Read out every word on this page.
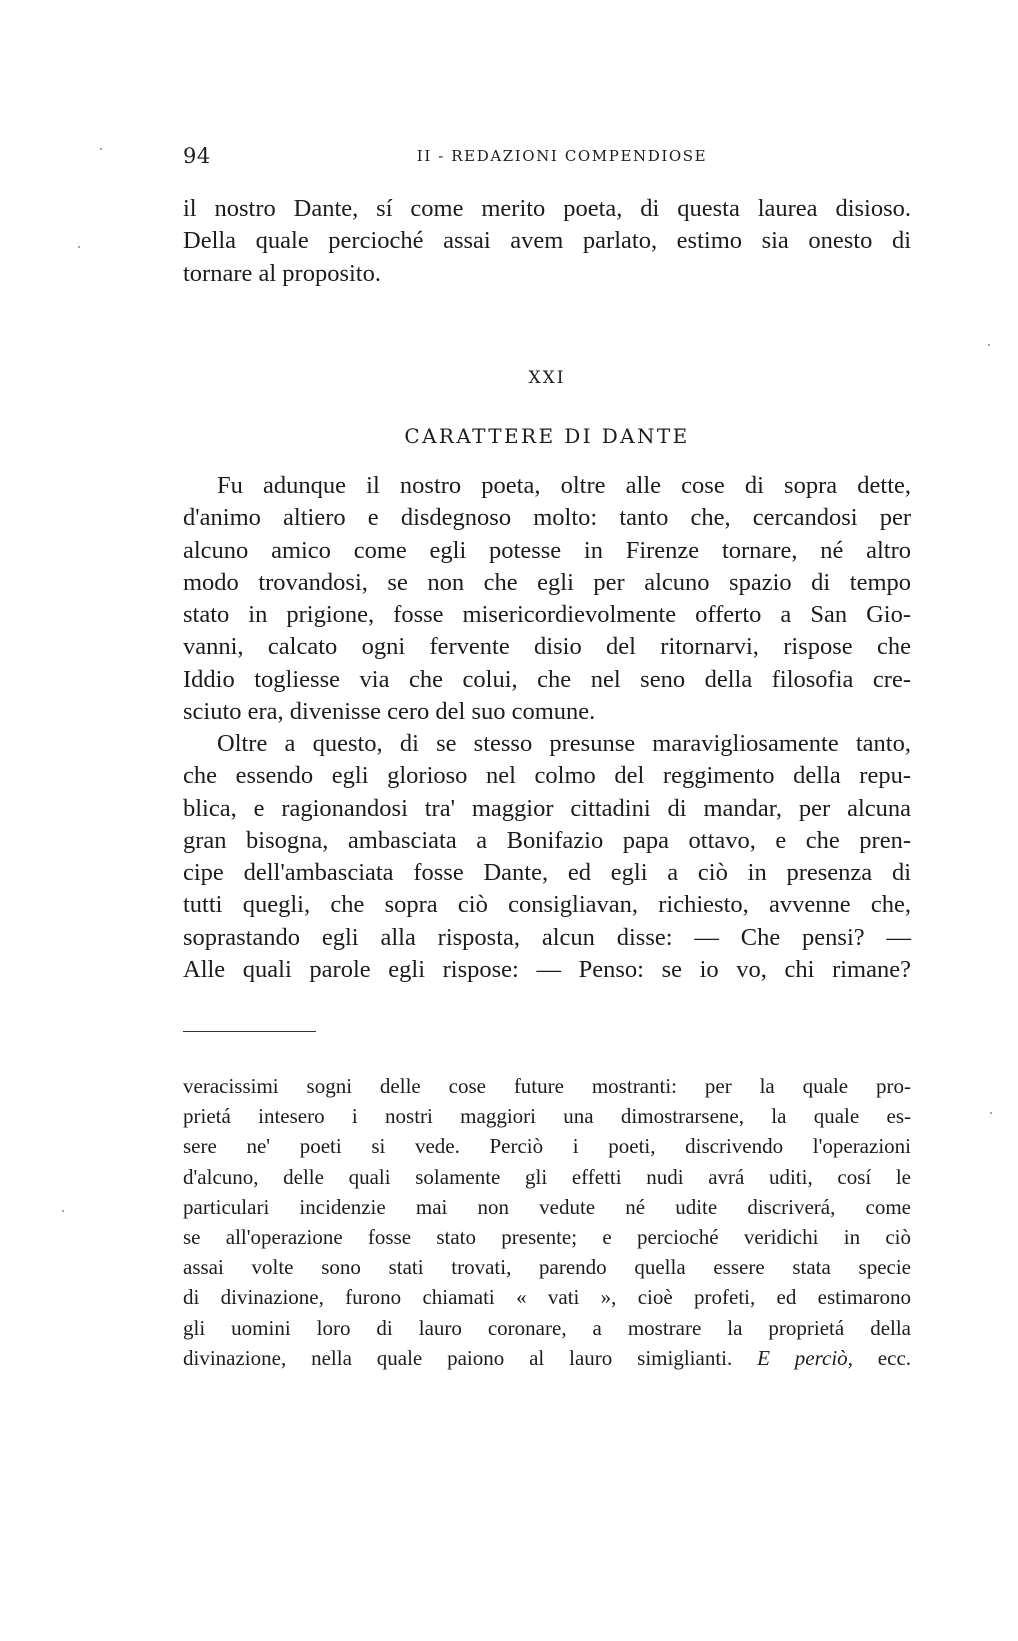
94	II - REDAZIONI COMPENDIOSE
il nostro Dante, sí come merito poeta, di questa laurea disioso.
Della quale percioché assai avem parlato, estimo sia onesto di
tornare al proposito.
XXI
CARATTERE DI DANTE
Fu adunque il nostro poeta, oltre alle cose di sopra dette,
d'animo altiero e disdegnoso molto: tanto che, cercandosi per
alcuno amico come egli potesse in Firenze tornare, né altro
modo trovandosi, se non che egli per alcuno spazio di tempo
stato in prigione, fosse misericordievolmente offerto a San Gio-
vanni, calcato ogni fervente disio del ritornarvi, rispose che
Iddio togliesse via che colui, che nel seno della filosofia cre-
sciuto era, divenisse cero del suo comune.
Oltre a questo, di se stesso presunse maravigliosamente tanto,
che essendo egli glorioso nel colmo del reggimento della repu-
blica, e ragionandosi tra' maggior cittadini di mandar, per alcuna
gran bisogna, ambasciata a Bonifazio papa ottavo, e che pren-
cipe dell'ambasciata fosse Dante, ed egli a ciò in presenza di
tutti quegli, che sopra ciò consigliavan, richiesto, avvenne che,
soprastando egli alla risposta, alcun disse: — Che pensi? —
Alle quali parole egli rispose: — Penso: se io vo, chi rimane?
veracissimi sogni delle cose future mostranti: per la quale pro-
prietá intesero i nostri maggiori una dimostrarsene, la quale es-
sere ne' poeti si vede. Perciò i poeti, discrivendo l'operazioni
d'alcuno, delle quali solamente gli effetti nudi avrá uditi, cosí le
particulari incidenzie mai non vedute né udite discriverá, come
se all'operazione fosse stato presente; e percioché veridichi in ciò
assai volte sono stati trovati, parendo quella essere stata specie
di divinazione, furono chiamati « vati », cioè profeti, ed estimarono
gli uomini loro di lauro coronare, a mostrare la proprietá della
divinazione, nella quale paiono al lauro simiglianti. E perciò, ecc.
